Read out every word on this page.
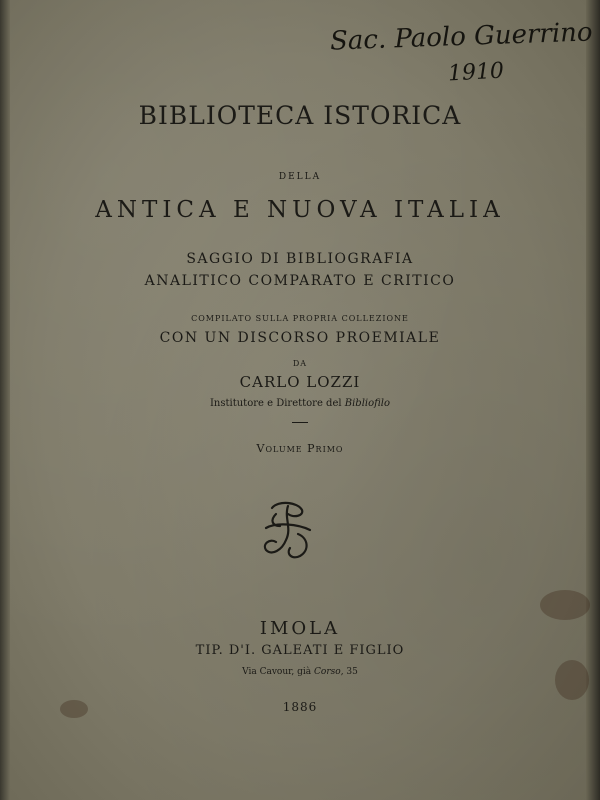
Sac. Paolo Guerrino
1910
BIBLIOTECA ISTORICA
DELLA
ANTICA E NUOVA ITALIA
SAGGIO DI BIBLIOGRAFIA
ANALITICO COMPARATO E CRITICO
COMPILATO SULLA PROPRIA COLLEZIONE
CON UN DISCORSO PROEMIALE
DA
CARLO LOZZI
Institutore e Direttore del Bibliofilo
Volume Primo
IMOLA
TIP. D'I. GALEATI E FIGLIO
Via Cavour, già Corso, 35
1886
